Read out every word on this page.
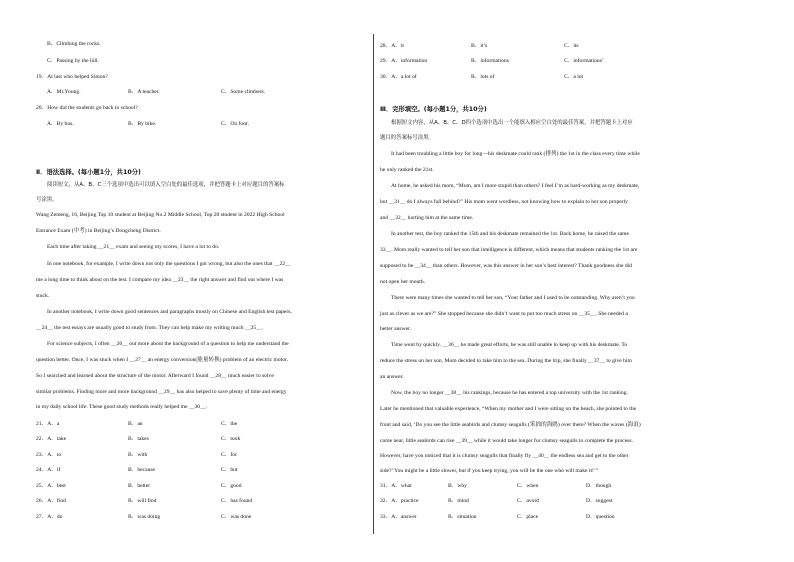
B．Climbing the rocks.
C．Passing by the hill.
19．At last who helped Simon?
A．Mr.Young.	B．A teacher.	C．Some climbers.
20．How did the students go back to school?
A．By bus.	B．By bike.	C．On foot.
Ⅱ．语法选择。(每小题1分，共10分)
阅读短文，从A、B、C三个选项中选出可以填入空白处的最佳选项，并把答题卡上对应题目的答案标
号涂黑。
Wang Zemeng, 16, Beijing Top 10 student at Beijing No.2 Middle School, Top 20 student in 2022 High School
Entrance Exam (中考) in Beijing’s Dongcheng District.
Each time after taking ＿21＿ exam and seeing my scores, I have a lot to do.
In one notebook, for example, I write down not only the questions I got wrong, but also the ones that ＿22＿
me a long time to think about on the test. I compare my idea ＿23＿ the right answer and find out where I was
stuck.
In another notebook, I write down good sentences and paragraphs mostly on Chinese and English test papers,
＿24＿ the test essays are usually good to study from. They can help make my writing much ＿25＿.
For science subjects, I often ＿26＿ out more about the background of a question to help me understand the
question better. Once, I was stuck when I ＿27＿ an energy conversion(能量转换) problem of an electric motor.
So I searched and learned about the structure of the motor. Afterward I found ＿28＿ much easier to solve
similar problems. Finding more and more background ＿29＿ has also helped to save plenty of time and energy
in my daily school life. These good study methods really helped me ＿30＿.
21．A．a	B．an	C．the
22．A．take	B．takes	C．took
23．A．to	B．with	C．for
24．A．if	B．because	C．but
25．A．best	B．better	C．good
26．A．find	B．will find	C．has found
27．A．do	B．was doing	C．was done
28．A．it	B．it’s	C．its
29．A．information	B．informations	C．informations’
30．A．a lot of	B．lots of	C．a lot
Ⅲ．完形填空。(每小题1分，共10分)
根据短文内容，从A、B、C、D四个选项中选出一个能填入相应空白处的最佳答案，并把答题卡上对应
题目的答案标号涂黑。
It had been troubling a little boy for long—his deskmate could rank (排列) the 1st in the class every time while
he only ranked the 21st.
At home, he asked his mom, “Mom, am I more stupid than others? I feel I’m as hard-working as my deskmate,
but ＿31＿ do I always fall behind?” His mom went wordless, not knowing how to explain to her son properly
and ＿32＿ hurting him at the same time.
In another test, the boy ranked the 15th and his deskmate remained the 1st. Back home, he raised the same
33＿. Mom really wanted to tell her son that intelligence is different, which means that students ranking the 1st are
supposed to be ＿34＿ than others. However, was this answer in her son’s best interest? Thank goodness she did
not open her mouth.
There were many times she wanted to tell her son, “Your father and I used to be outstanding. Why aren’t you
just as clever as we are?” She stopped because she didn’t want to put too much stress on ＿35＿. She needed a
better answer.
Time went by quickly. ＿36＿ he made great efforts, he was still unable to keep up with his deskmate. To
reduce the stress on her son, Mom decided to take him to the sea. During the trip, she finally ＿37＿ to give him
an answer.
Now, the boy no longer ＿38＿ his rankings, because he has entered a top university with the 1st ranking.
Later he mentioned that valuable experience, “When my mother and I were sitting on the beach, she pointed to the
front and said, ‘Do you see the little seabirds and clumsy seagulls (笨拙的海鸥) over there? When the waves (海浪)
come near, little seabirds can rise ＿39＿ while it would take longer for clumsy seagulls to complete the process.
However, have you noticed that it is clumsy seagulls that finally fly ＿40＿ the endless sea and get to the other
side?’ You might be a little slower, but if you keep trying, you will be the one who will make it!’”
31．A．what	B．why	C．when	D．though
32．A．practice	B．mind	C．avoid	D．suggest
33．A．answer	B．situation	C．place	D．question
